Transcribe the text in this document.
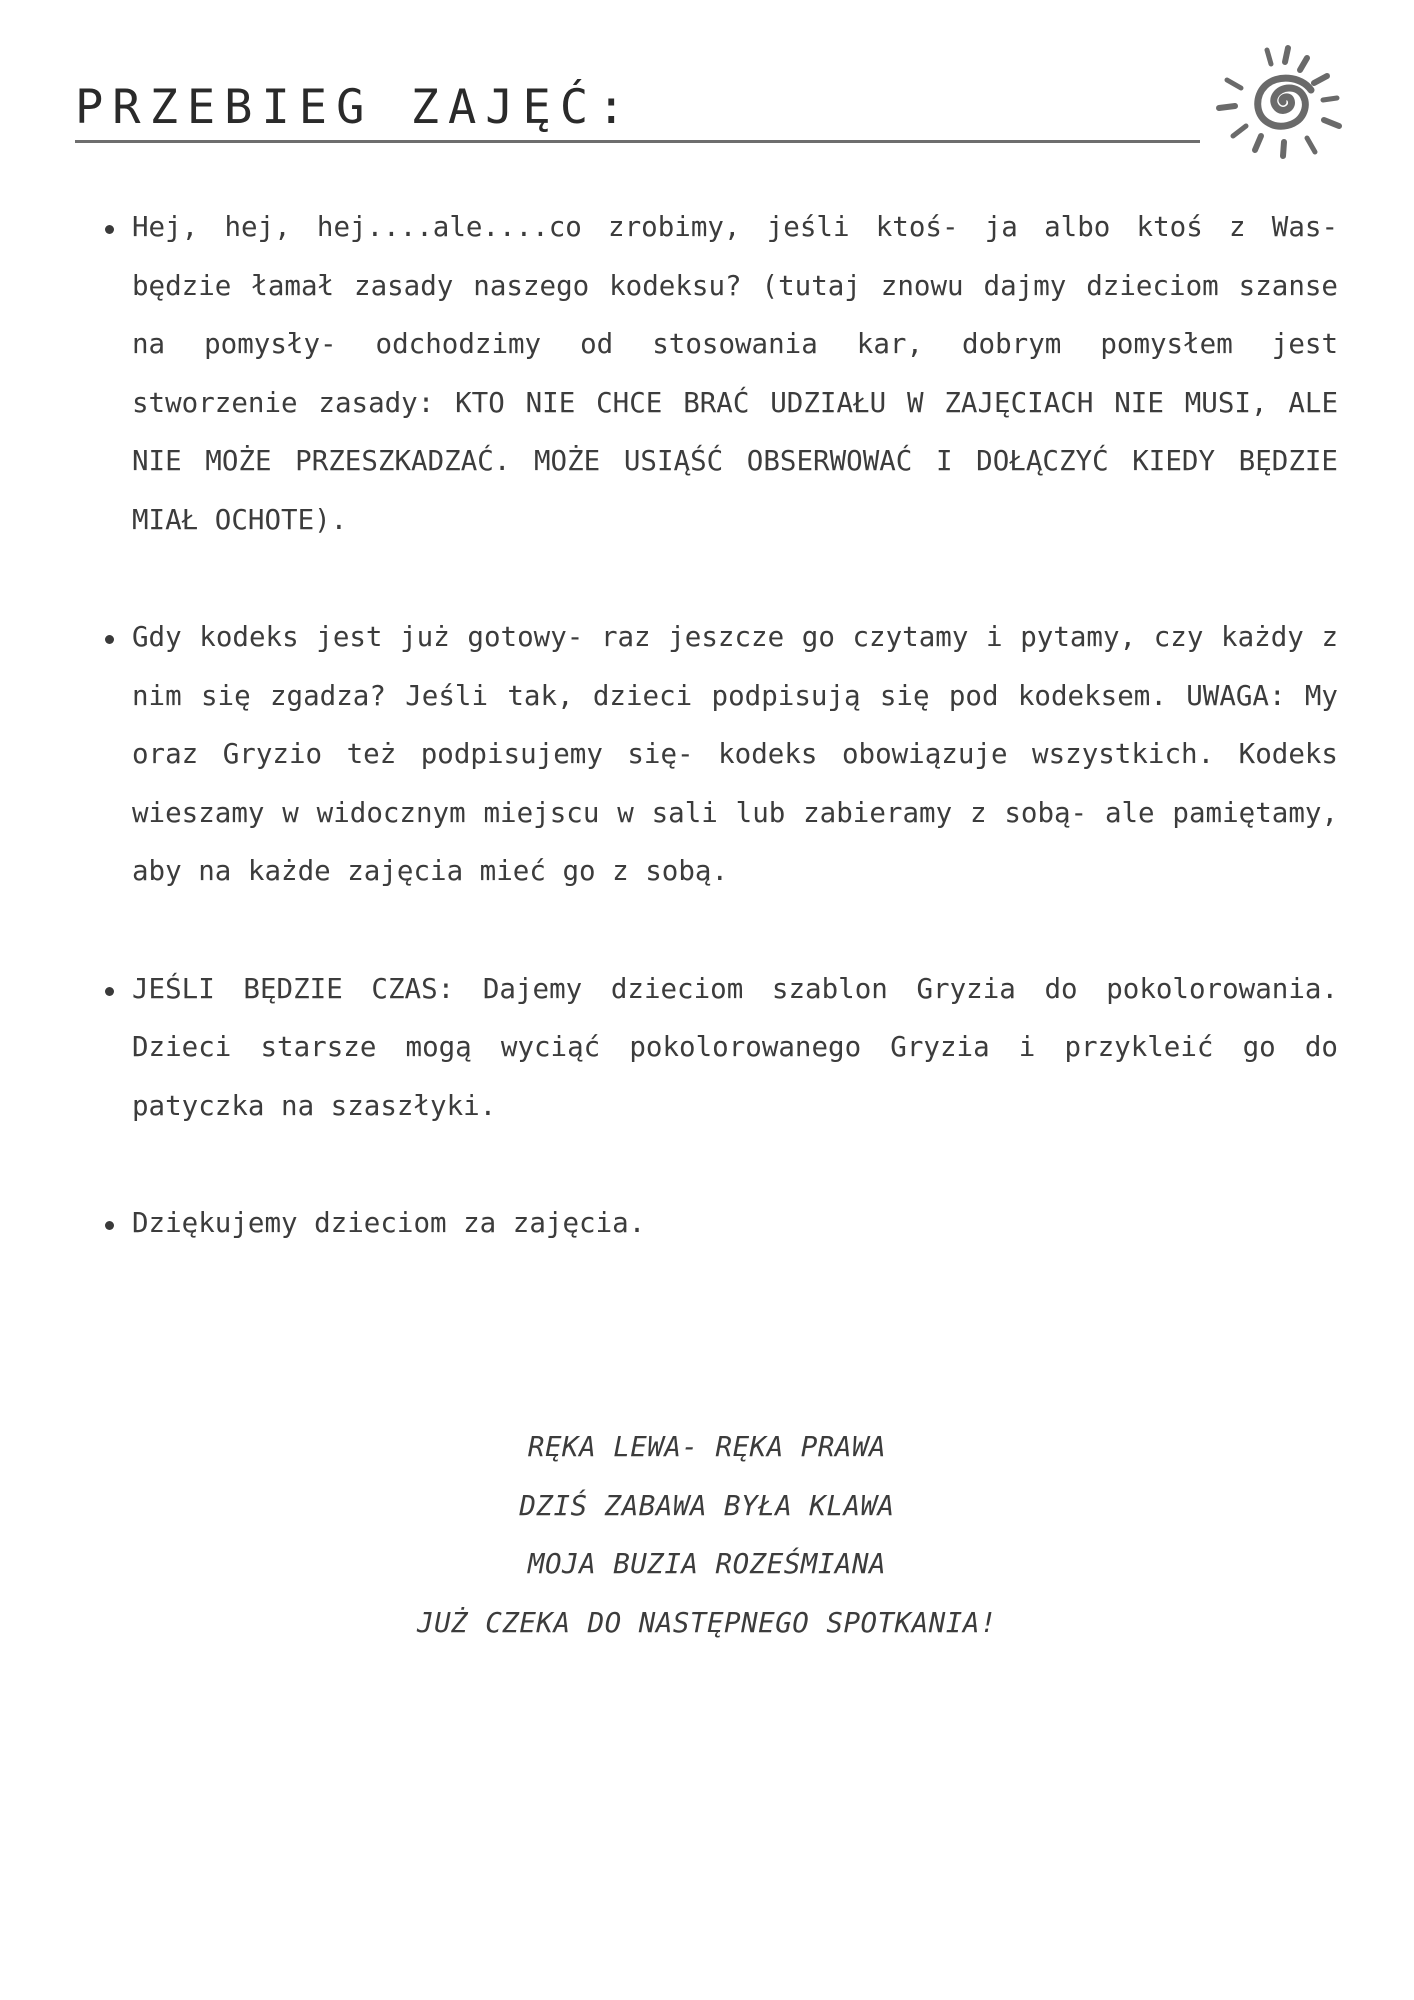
PRZEBIEG ZAJĘĆ:

Hej, hej, hej....ale....co zrobimy, jeśli ktoś- ja albo ktoś z Was- będzie łamał zasady naszego kodeksu? (tutaj znowu dajmy dzieciom szanse na pomysły- odchodzimy od stosowania kar, dobrym pomysłem jest stworzenie zasady: KTO NIE CHCE BRAĆ UDZIAŁU W ZAJĘCIACH NIE MUSI, ALE NIE MOŻE PRZESZKADZAĆ. MOŻE USIĄŚĆ OBSERWOWAĆ I DOŁĄCZYĆ KIEDY BĘDZIE MIAŁ OCHOTE).

Gdy kodeks jest już gotowy- raz jeszcze go czytamy i pytamy, czy każdy z nim się zgadza? Jeśli tak, dzieci podpisują się pod kodeksem. UWAGA: My oraz Gryzio też podpisujemy się- kodeks obowiązuje wszystkich. Kodeks wieszamy w widocznym miejscu w sali lub zabieramy z sobą- ale pamiętamy, aby na każde zajęcia mieć go z sobą.

JEŚLI BĘDZIE CZAS: Dajemy dzieciom szablon Gryzia do pokolorowania. Dzieci starsze mogą wyciąć pokolorowanego Gryzia i przykleić go do patyczka na szaszłyki.

Dziękujemy dzieciom za zajęcia.

RĘKA LEWA- RĘKA PRAWA

DZIŚ ZABAWA BYŁA KLAWA

MOJA BUZIA ROZEŚMIANA

JUŻ CZEKA DO NASTĘPNEGO SPOTKANIA!
